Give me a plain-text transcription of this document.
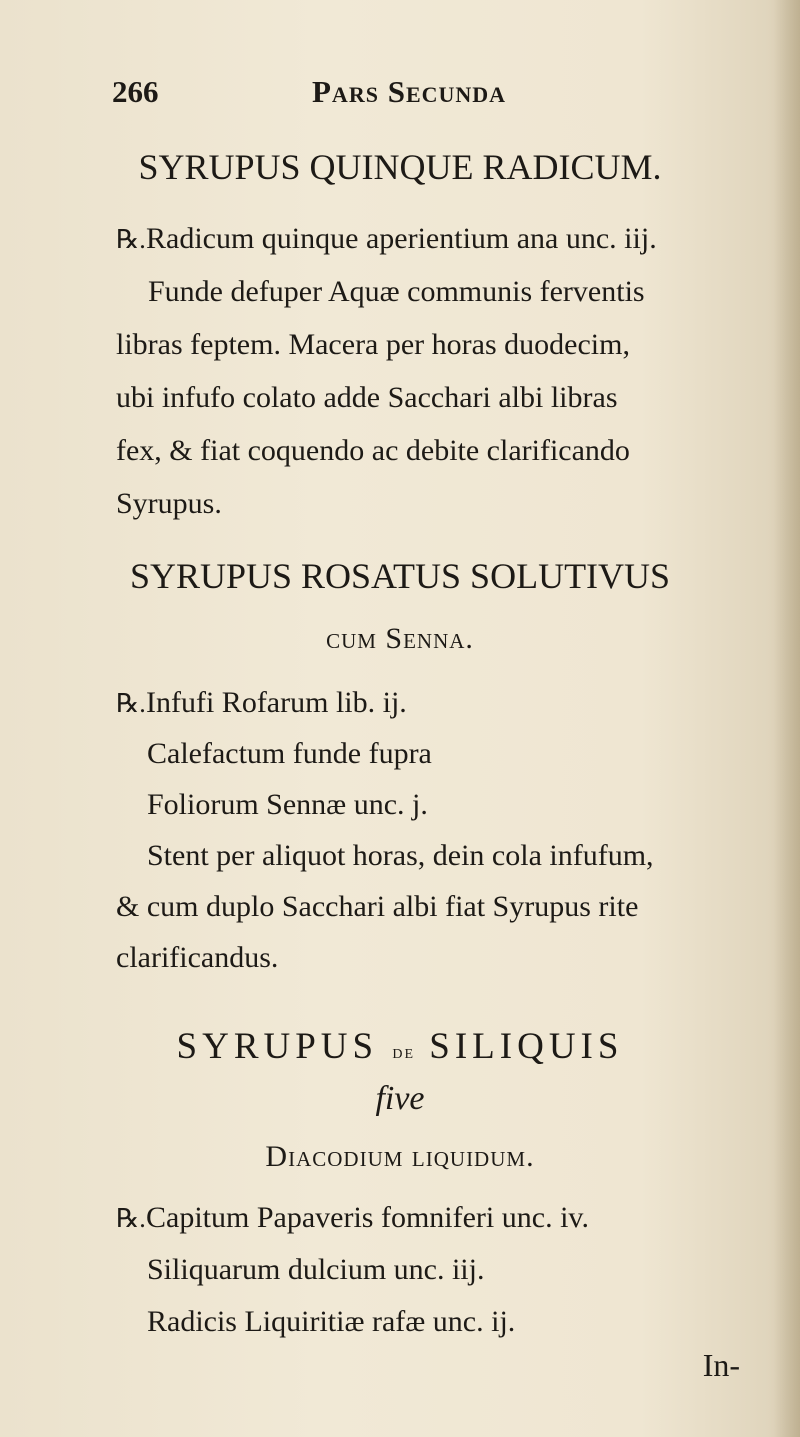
266	Pars Secunda
SYRUPUS QUINQUE RADICUM.
℞.Radicum quinque aperientium ana unc. iij.
Funde defuper Aquæ communis ferventis
libras feptem. Macera per horas duodecim,
ubi infufo colato adde Sacchari albi libras
fex, & fiat coquendo ac debite clarificando
Syrupus.
SYRUPUS ROSATUS SOLUTIVUS
cum Senna.
℞.Infufi Rofarum lib. ij.
Calefactum funde fupra
Foliorum Sennæ unc. j.
Stent per aliquot horas, dein cola infufum,
& cum duplo Sacchari albi fiat Syrupus rite
clarificandus.
SYRUPUS de SILIQUIS
five
Diacodium liquidum.
℞.Capitum Papaveris fomniferi unc. iv.
Siliquarum dulcium unc. iij.
Radicis Liquiritiæ rafæ unc. ij.
In-
